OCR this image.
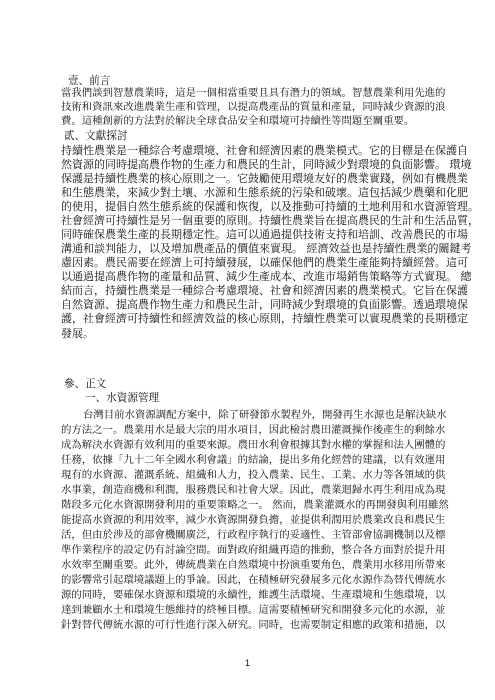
壹、前言
當我們談到智慧農業時，這是一個相當重要且具有潛力的領域。智慧農業利用先進的
技術和資訊來改進農業生產和管理，以提高農產品的質量和產量，同時減少資源的浪
費。這種創新的方法對於解決全球食品安全和環境可持續性等問題至關重要。
貳、文獻探討
持續性農業是一種綜合考慮環境、社會和經濟因素的農業模式。它的目標是在保護自
然資源的同時提高農作物的生產力和農民的生計，同時減少對環境的負面影響。 環境
保護是持續性農業的核心原則之一。它鼓勵使用環境友好的農業實踐，例如有機農業
和生態農業，來減少對土壤、水源和生態系統的污染和破壞。這包括減少農藥和化肥
的使用，提倡自然生態系統的保護和恢復，以及推動可持續的土地利用和水資源管理。
社會經濟可持續性是另一個重要的原則。持續性農業旨在提高農民的生計和生活品質，
同時確保農業生產的長期穩定性。這可以通過提供技術支持和培訓、改善農民的市場
溝通和談判能力，以及增加農產品的價值來實現。 經濟效益也是持續性農業的關鍵考
慮因素。農民需要在經濟上可持續發展，以確保他們的農業生產能夠持續經營。這可
以通過提高農作物的產量和品質、減少生產成本、改進市場銷售策略等方式實現。 總
結而言，持續性農業是一種綜合考慮環境、社會和經濟因素的農業模式。它旨在保護
自然資源、提高農作物生產力和農民生計，同時減少對環境的負面影響。透過環境保
護，社會經濟可持續性和經濟效益的核心原則，持續性農業可以實現農業的長期穩定
發展。
參、正文
一、水資源管理
台灣目前水資源調配方案中，除了研發節水製程外，開發再生水源也是解決缺水
的方法之一。農業用水是最大宗的用水項目，因此檢討農田灌溉操作後產生的剩餘水
成為解決水資源有效利用的重要來源。農田水利會根據其對水權的掌握和法人團體的
任務，依據「九十二年全國水利會議」的結論，提出多角化經營的建議，以有效運用
現有的水資源、灌溉系統、組織和人力，投入農業、民生、工業、水力等各領域的供
水事業，創造商機和利潤，服務農民和社會大眾。因此，農業迴歸水再生利用成為現
階段多元化水資源開發利用的重要策略之一。 然而，農業灌溉水的再開發與利用雖然
能提高水資源的利用效率，減少水資源開發負擔，並提供利潤用於農業改良和農民生
活，但由於涉及的部會機關廣泛，行政程序執行的妥適性、主管部會協調機制以及標
準作業程序的設定仍有討論空間。面對政府組織再造的推動，整合各方面對於提升用
水效率至關重要。此外，傳統農業在自然環境中扮演重要角色，農業用水移用所帶來
的影響常引起環境議題上的爭論。因此，在積極研究發展多元化水源作為替代傳統水
源的同時，要確保水資源和環境的永續性，維護生活環境、生產環境和生態環境，以
達到兼顧水土和環境生態維持的終極目標。這需要積極研究和開發多元化的水源，並
針對替代傳統水源的可行性進行深入研究。同時，也需要制定相應的政策和措施，以
1
